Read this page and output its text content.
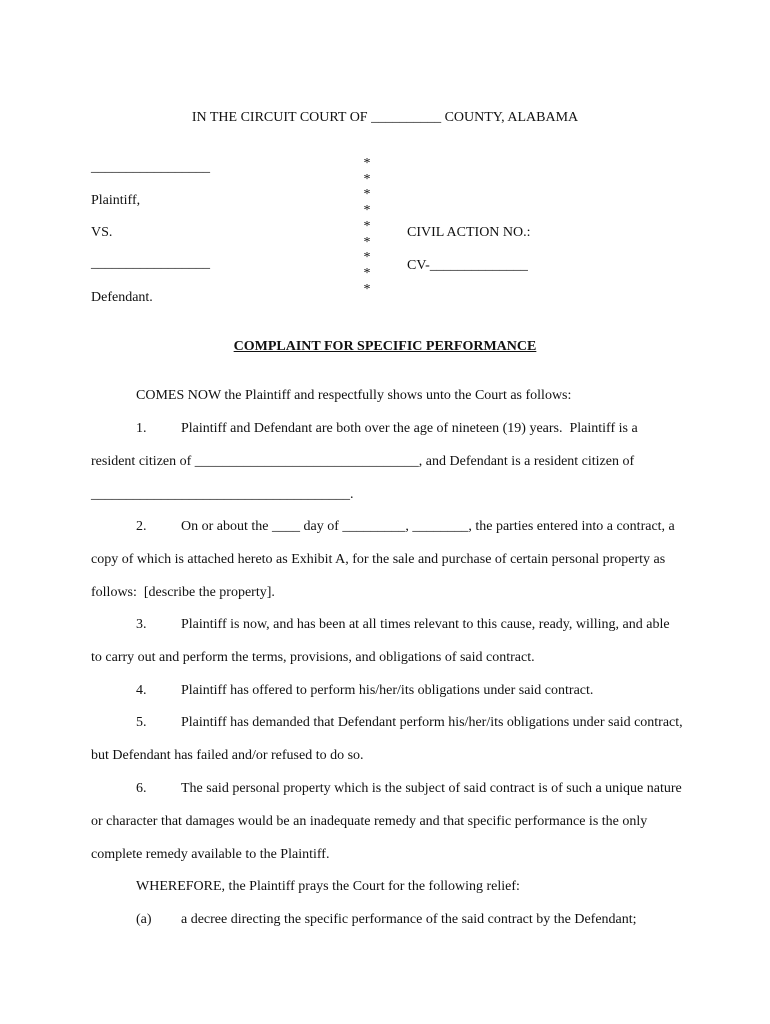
IN THE CIRCUIT COURT OF __________ COUNTY, ALABAMA
_________________
Plaintiff,
VS.
_________________
Defendant.
*
*
*
*
*
*
*
*
*
CIVIL ACTION NO.:
CV-______________
COMPLAINT FOR SPECIFIC PERFORMANCE
COMES NOW the Plaintiff and respectfully shows unto the Court as follows:
1. Plaintiff and Defendant are both over the age of nineteen (19) years.  Plaintiff is a
resident citizen of ________________________________, and Defendant is a resident citizen of
_____________________________________.
2. On or about the ____ day of _________, ________, the parties entered into a contract, a
copy of which is attached hereto as Exhibit A, for the sale and purchase of certain personal property as
follows:  [describe the property].
3. Plaintiff is now, and has been at all times relevant to this cause, ready, willing, and able
to carry out and perform the terms, provisions, and obligations of said contract.
4. Plaintiff has offered to perform his/her/its obligations under said contract.
5. Plaintiff has demanded that Defendant perform his/her/its obligations under said contract,
but Defendant has failed and/or refused to do so.
6. The said personal property which is the subject of said contract is of such a unique nature
or character that damages would be an inadequate remedy and that specific performance is the only
complete remedy available to the Plaintiff.
WHEREFORE, the Plaintiff prays the Court for the following relief:
(a) a decree directing the specific performance of the said contract by the Defendant;
